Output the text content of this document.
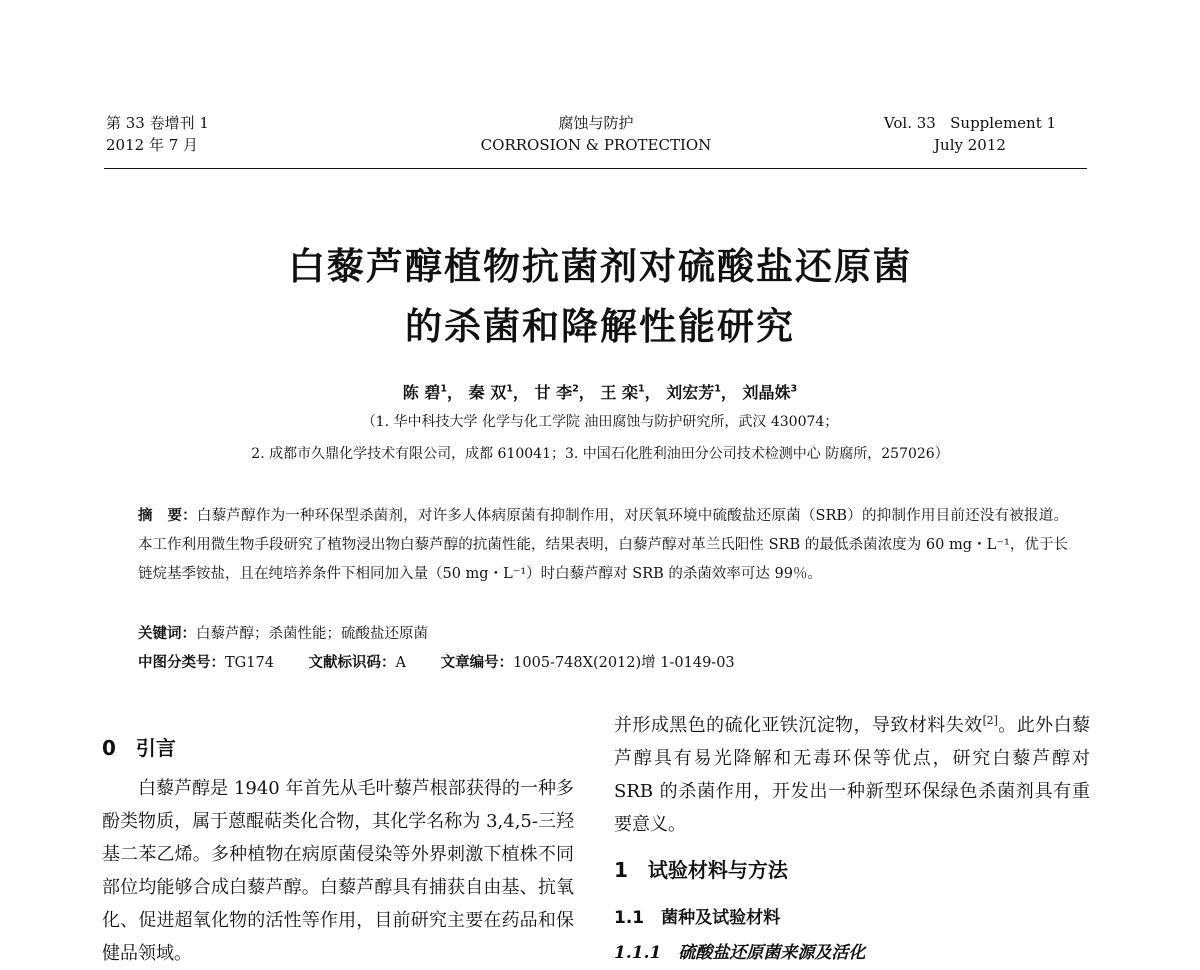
第 33 卷增刊 1
2012 年 7 月
腐蚀与防护
CORROSION & PROTECTION
Vol. 33   Supplement 1
July 2012
白藜芦醇植物抗菌剂对硫酸盐还原菌
的杀菌和降解性能研究
陈 碧$^1$， 秦 双$^1$， 甘 李$^2$， 王 栾$^1$， 刘宏芳$^1$， 刘晶姝$^3$
（1. 华中科技大学 化学与化工学院 油田腐蚀与防护研究所，武汉 430074；
2. 成都市久鼎化学技术有限公司，成都 610041；3. 中国石化胜利油田分公司技术检测中心 防腐所，257026）
摘　要：白藜芦醇作为一种环保型杀菌剂，对许多人体病原菌有抑制作用，对厌氧环境中硫酸盐还原菌（SRB）的抑制作用目前还没有被报道。本工作利用微生物手段研究了植物浸出物白藜芦醇的抗菌性能，结果表明，白藜芦醇对革兰氏阳性 SRB 的最低杀菌浓度为 60 mg・L⁻¹，优于长链烷基季铵盐，且在纯培养条件下相同加入量（50 mg・L⁻¹）时白藜芦醇对 SRB 的杀菌效率可达 99％。
关键词：白藜芦醇；杀菌性能；硫酸盐还原菌
中图分类号：TG174 文献标识码：A 文章编号：1005-748X(2012)增 1-0149-03
0　引言

白藜芦醇是 1940 年首先从毛叶藜芦根部获得的一种多酚类物质，属于蒽醌萜类化合物，其化学名称为 3,4,5-三羟基二苯乙烯。多种植物在病原菌侵染等外界刺激下植株不同部位均能够合成白藜芦醇。白藜芦醇具有捕获自由基、抗氧化、促进超氧化物的活性等作用，目前研究主要在药品和保健品领域。

并形成黑色的硫化亚铁沉淀物，导致材料失效[2]。此外白藜芦醇具有易光降解和无毒环保等优点，研究白藜芦醇对 SRB 的杀菌作用，开发出一种新型环保绿色杀菌剂具有重要意义。

1　试验材料与方法
1.1　菌种及试验材料
1.1.1　硫酸盐还原菌来源及活化
